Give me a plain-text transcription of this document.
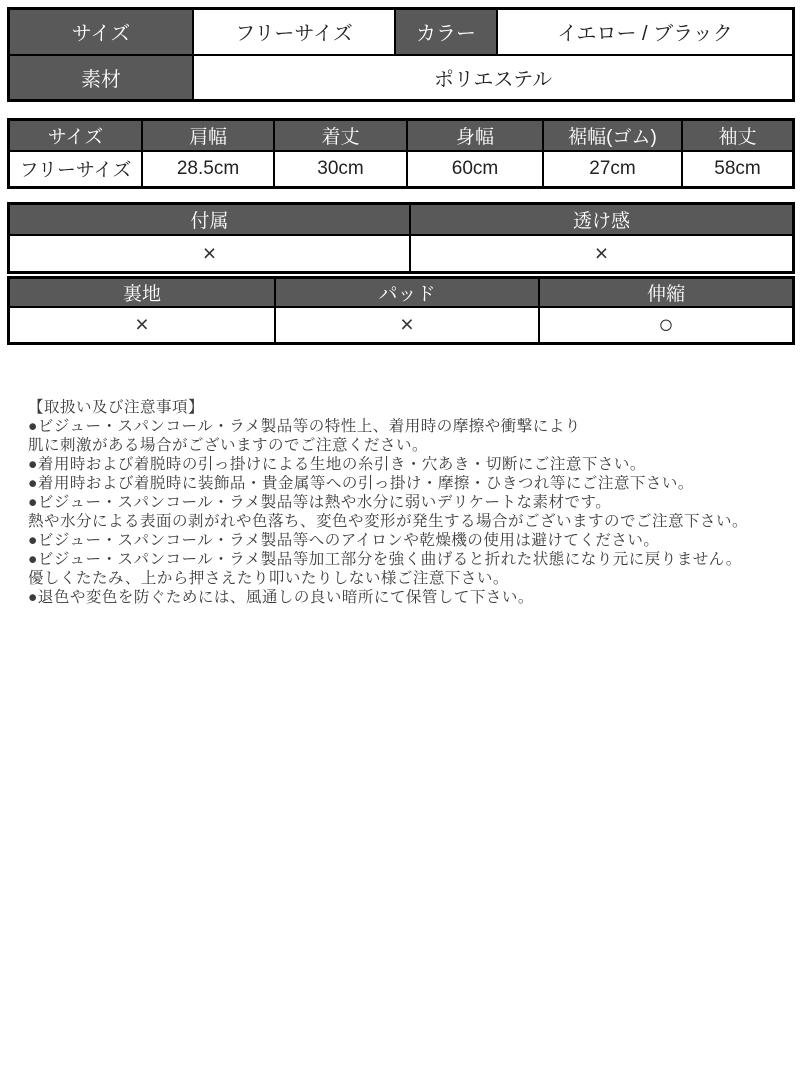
サイズ	フリーサイズ	カラー	イエロー / ブラック
素材	ポリエステル		
サイズ	肩幅	着丈	身幅	裾幅(ゴム)	袖丈
フリーサイズ	28.5cm	30cm	60cm	27cm	58cm
付属	透け感
×	×
裏地	パッド	伸縮
×	×	○
【取扱い及び注意事項】
●ビジュー・スパンコール・ラメ製品等の特性上、着用時の摩擦や衝撃により
肌に刺激がある場合がございますのでご注意ください。
●着用時および着脱時の引っ掛けによる生地の糸引き・穴あき・切断にご注意下さい。
●着用時および着脱時に装飾品・貴金属等への引っ掛け・摩擦・ひきつれ等にご注意下さい。
●ビジュー・スパンコール・ラメ製品等は熱や水分に弱いデリケートな素材です。
熱や水分による表面の剥がれや色落ち、変色や変形が発生する場合がございますのでご注意下さい。
●ビジュー・スパンコール・ラメ製品等へのアイロンや乾燥機の使用は避けてください。
●ビジュー・スパンコール・ラメ製品等加工部分を強く曲げると折れた状態になり元に戻りません。
優しくたたみ、上から押さえたり叩いたりしない様ご注意下さい。
●退色や変色を防ぐためには、風通しの良い暗所にて保管して下さい。
